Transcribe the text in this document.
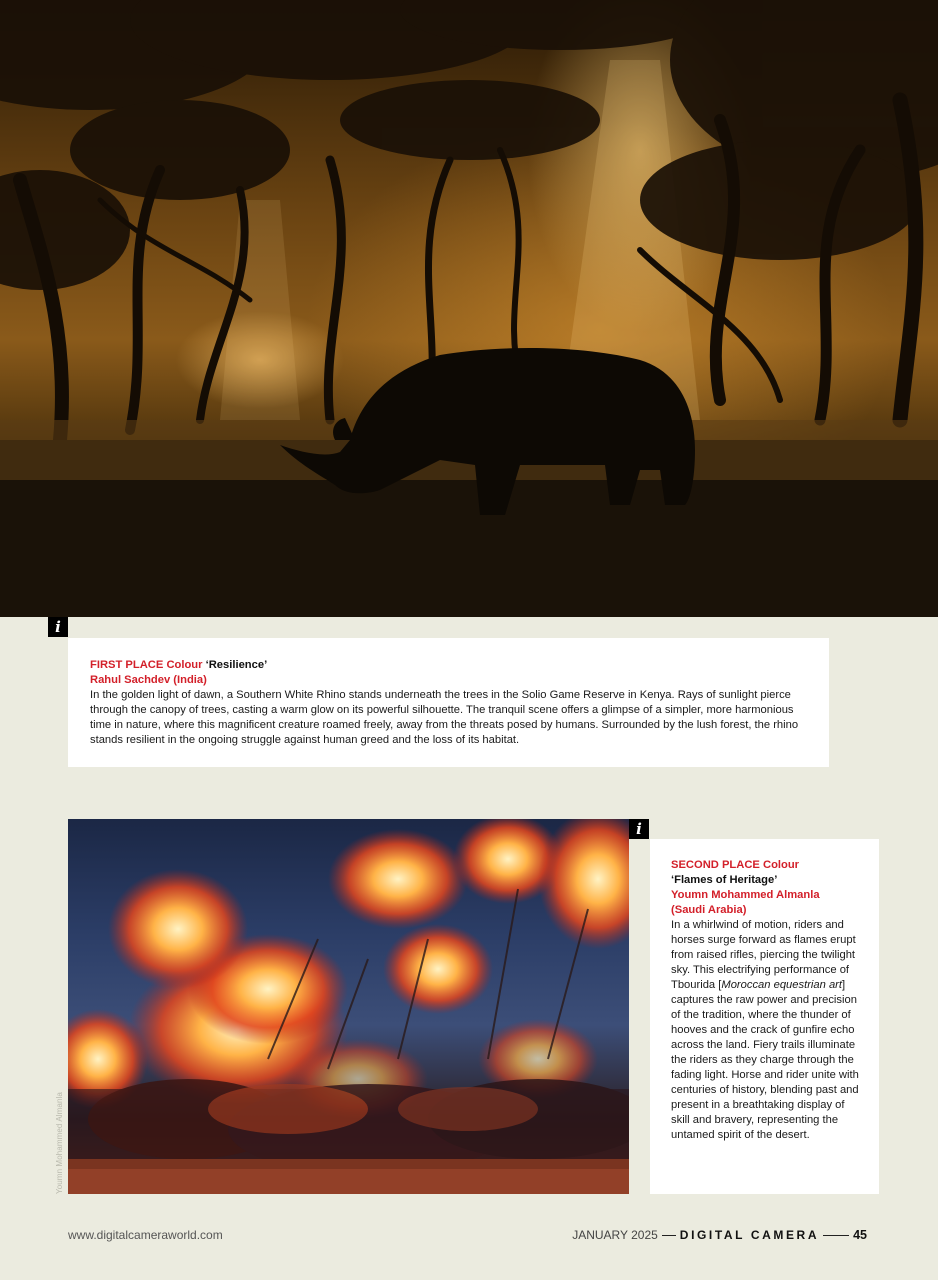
i
FIRST PLACE Colour ‘Resilience’
Rahul Sachdev (India)
In the golden light of dawn, a Southern White Rhino stands underneath the trees in the Solio Game Reserve in Kenya. Rays of sunlight pierce through the canopy of trees, casting a warm glow on its powerful silhouette. The tranquil scene offers a glimpse of a simpler, more harmonious time in nature, where this magnificent creature roamed freely, away from the threats posed by humans. Surrounded by the lush forest, the rhino stands resilient in the ongoing struggle against human greed and the loss of its habitat.
i
Youmn Mohammed Almanla
SECOND PLACE Colour
‘Flames of Heritage’
Youmn Mohammed Almanla
(Saudi Arabia)
In a whirlwind of motion, riders and horses surge forward as flames erupt from raised rifles, piercing the twilight sky. This electrifying performance of Tbourida [Moroccan equestrian art] captures the raw power and precision of the tradition, where the thunder of hooves and the crack of gunfire echo across the land. Fiery trails illuminate the riders as they charge through the fading light. Horse and rider unite with centuries of history, blending past and present in a breathtaking display of skill and bravery, representing the untamed spirit of the desert.
www.digitalcameraworld.com	JANUARY 2025 DIGITAL CAMERA	45
